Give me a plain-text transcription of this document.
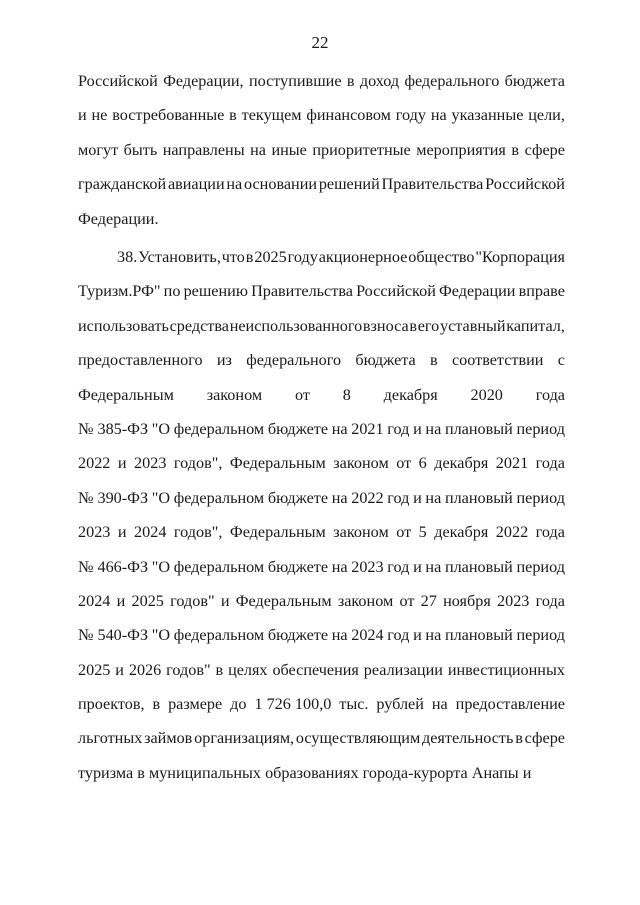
22
Российской Федерации, поступившие в доход федерального бюджета
и не востребованные в текущем финансовом году на указанные цели,
могут быть направлены на иные приоритетные мероприятия в сфере
гражданской авиации на основании решений Правительства Российской
Федерации.
38. Установить, что в 2025 году акционерное общество "Корпорация
Туризм.РФ" по решению Правительства Российской Федерации вправе
использовать средства неиспользованного взноса в его уставный капитал,
предоставленного из федерального бюджета в соответствии с
Федеральным законом от 8 декабря 2020 года
№ 385-ФЗ "О федеральном бюджете на 2021 год и на плановый период
2022 и 2023 годов", Федеральным законом от 6 декабря 2021 года
№ 390-ФЗ "О федеральном бюджете на 2022 год и на плановый период
2023 и 2024 годов", Федеральным законом от 5 декабря 2022 года
№ 466-ФЗ "О федеральном бюджете на 2023 год и на плановый период
2024 и 2025 годов" и Федеральным законом от 27 ноября 2023 года
№ 540-ФЗ "О федеральном бюджете на 2024 год и на плановый период
2025 и 2026 годов" в целях обеспечения реализации инвестиционных
проектов, в размере до 1 726 100,0 тыс. рублей на предоставление
льготных займов организациям, осуществляющим деятельность в сфере
туризма в муниципальных образованиях города-курорта Анапы и
